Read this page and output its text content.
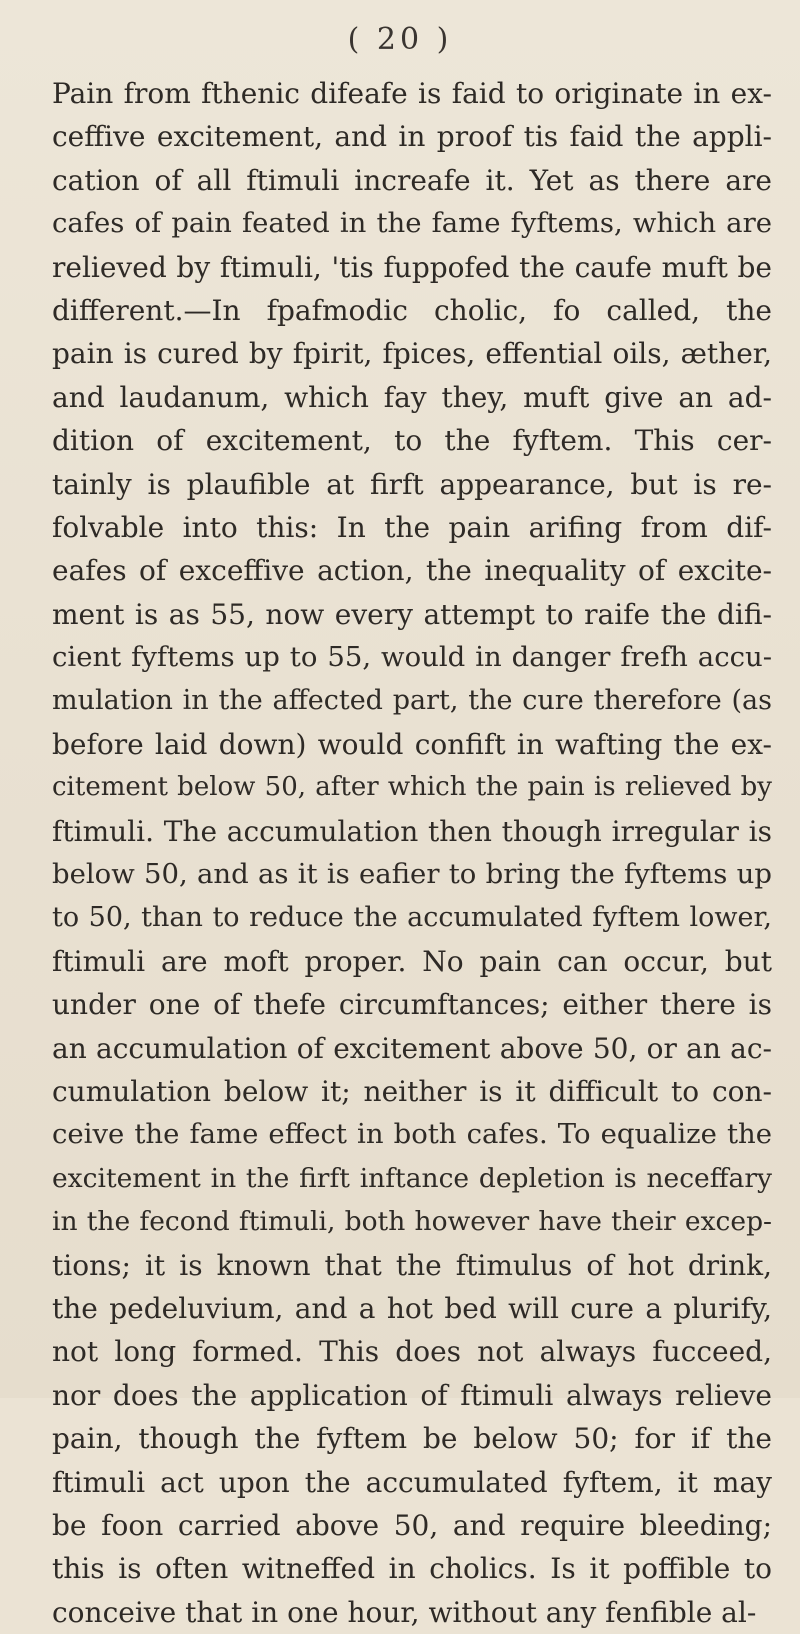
( 20 )
Pain from fthenic difeafe is faid to originate in ex-
ceffive excitement, and in proof tis faid the appli-
cation of all ftimuli increafe it. Yet as there are
cafes of pain feated in the fame fyftems, which are
relieved by ftimuli, 'tis fuppofed the caufe muft be
different.—In fpafmodic cholic, fo called, the
pain is cured by fpirit, fpices, effential oils, æther,
and laudanum, which fay they, muft give an ad-
dition of excitement, to the fyftem. This cer-
tainly is plaufible at firft appearance, but is re-
folvable into this: In the pain arifing from dif-
eafes of exceffive action, the inequality of excite-
ment is as 55, now every attempt to raife the difi-
cient fyftems up to 55, would in danger frefh accu-
mulation in the affected part, the cure therefore (as
before laid down) would confift in wafting the ex-
citement below 50, after which the pain is relieved by
ftimuli. The accumulation then though irregular is
below 50, and as it is eafier to bring the fyftems up
to 50, than to reduce the accumulated fyftem lower,
ftimuli are moft proper. No pain can occur, but
under one of thefe circumftances; either there is
an accumulation of excitement above 50, or an ac-
cumulation below it; neither is it difficult to con-
ceive the fame effect in both cafes. To equalize the
excitement in the firft inftance depletion is neceffary
in the fecond ftimuli, both however have their excep-
tions; it is known that the ftimulus of hot drink,
the pedeluvium, and a hot bed will cure a plurify,
not long formed. This does not always fucceed,
nor does the application of ftimuli always relieve
pain, though the fyftem be below 50; for if the
ftimuli act upon the accumulated fyftem, it may
be foon carried above 50, and require bleeding;
this is often witneffed in cholics. Is it poffible to
conceive that in one hour, without any fenfible al-
